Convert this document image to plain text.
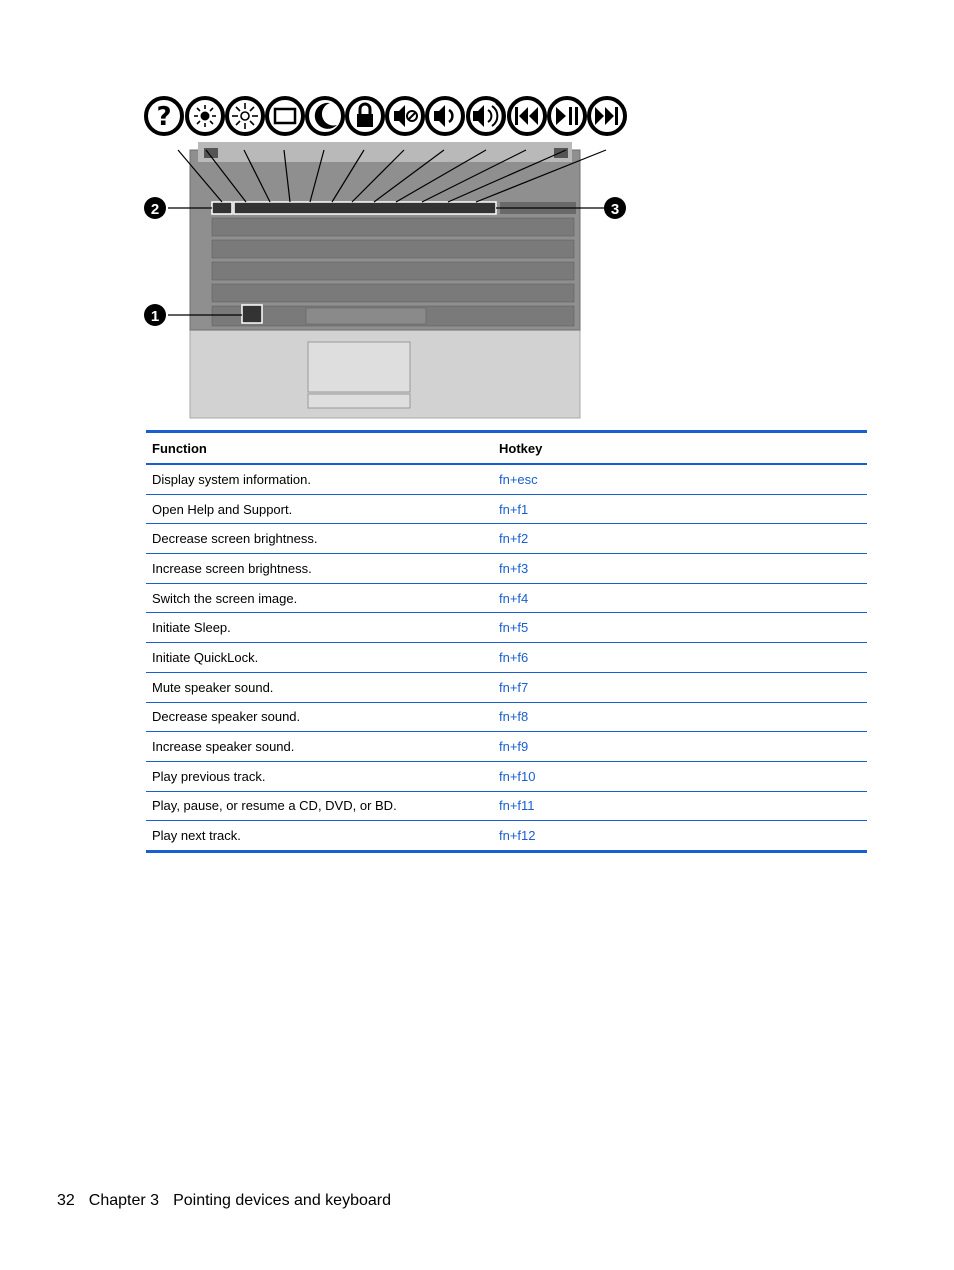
?
1
2	3
Function	Hotkey
Display system information.	fn+esc
Open Help and Support.	fn+f1
Decrease screen brightness.	fn+f2
Increase screen brightness.	fn+f3
Switch the screen image.	fn+f4
Initiate Sleep.	fn+f5
Initiate QuickLock.	fn+f6
Mute speaker sound.	fn+f7
Decrease speaker sound.	fn+f8
Increase speaker sound.	fn+f9
Play previous track.	fn+f10
Play, pause, or resume a CD, DVD, or BD.	fn+f11
Play next track.	fn+f12
32 Chapter 3 Pointing devices and keyboard
